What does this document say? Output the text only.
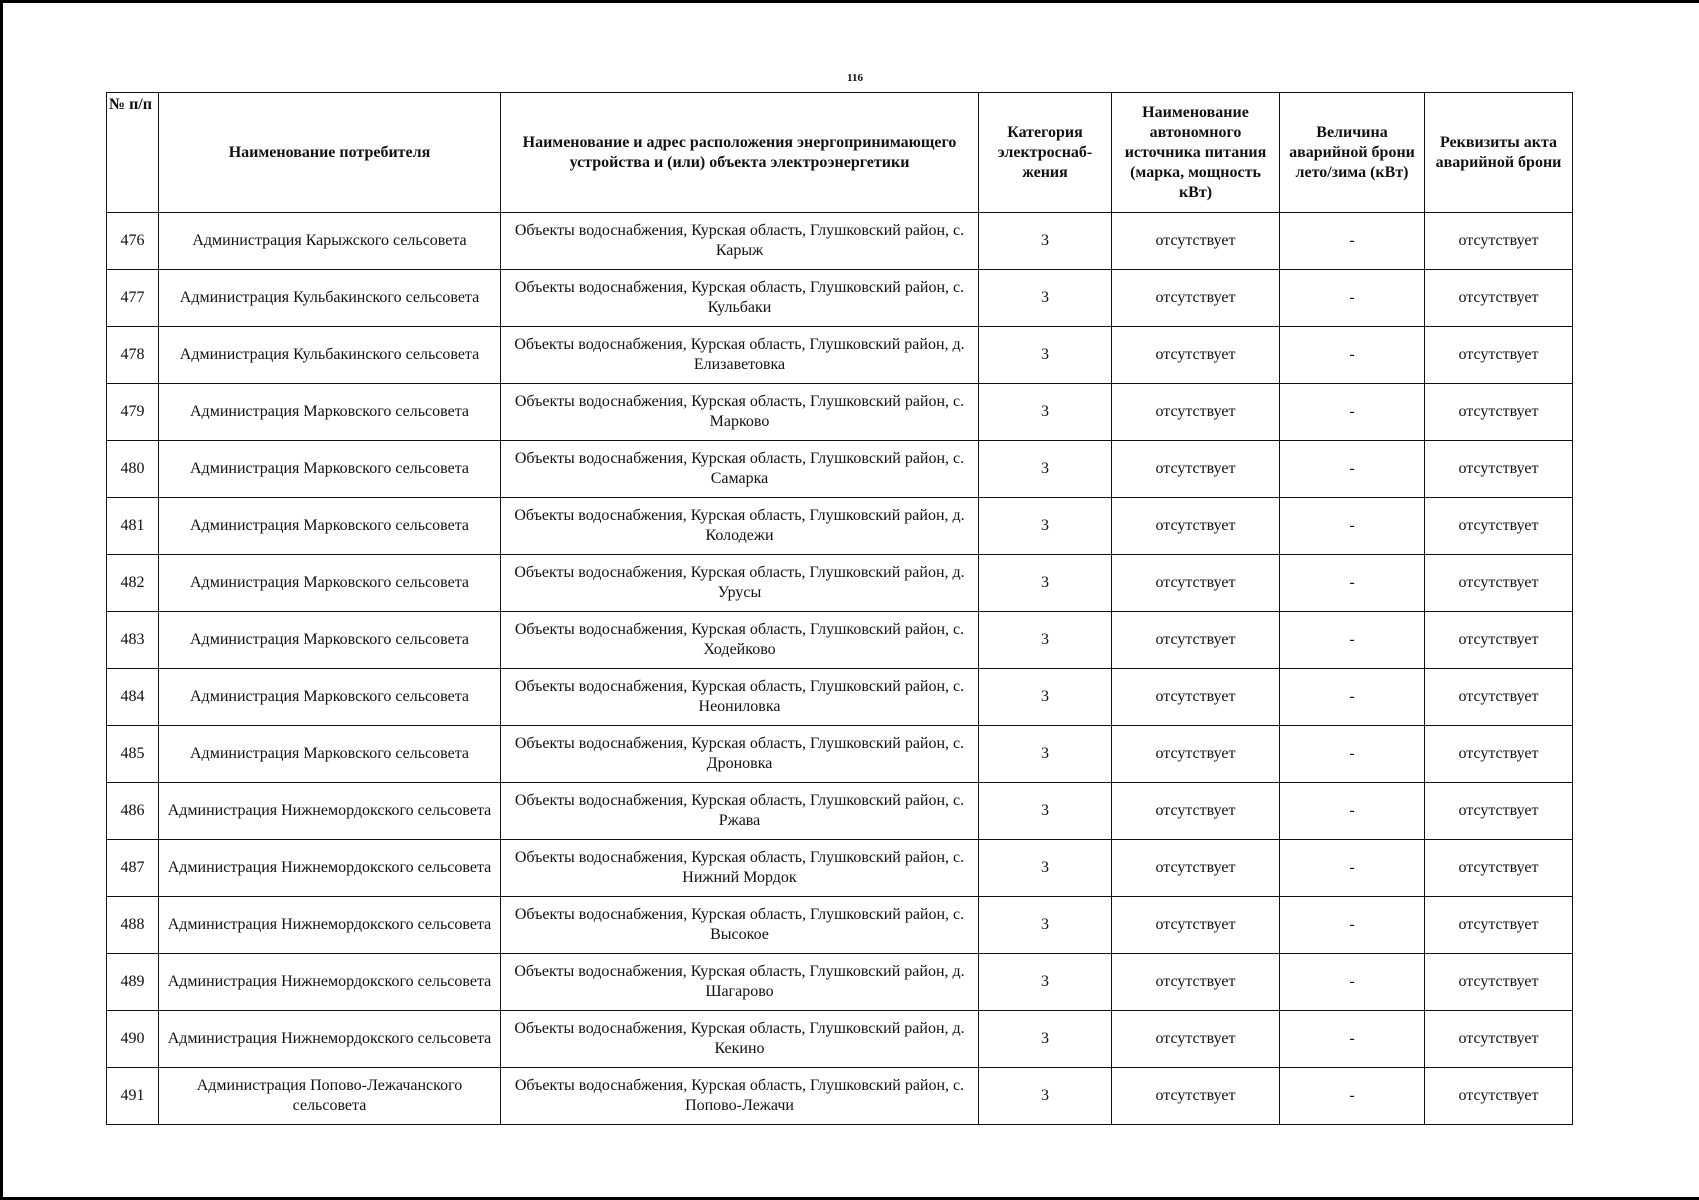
116
№ п/п	Наименование потребителя	Наименование и адрес расположения энергопринимающего устройства и (или) объекта электроэнергетики	Категория электроснаб-жения	Наименование автономного источника питания (марка, мощность кВт)	Величина аварийной брони лето/зима (кВт)	Реквизиты акта аварийной брони
476	Администрация Карыжского сельсовета	Объекты водоснабжения, Курская область, Глушковский район, с. Карыж	3	отсутствует	-	отсутствует
477	Администрация Кульбакинского сельсовета	Объекты водоснабжения, Курская область, Глушковский район, с. Кульбаки	3	отсутствует	-	отсутствует
478	Администрация Кульбакинского сельсовета	Объекты водоснабжения, Курская область, Глушковский район, д. Елизаветовка	3	отсутствует	-	отсутствует
479	Администрация Марковского сельсовета	Объекты водоснабжения, Курская область, Глушковский район, с. Марково	3	отсутствует	-	отсутствует
480	Администрация Марковского сельсовета	Объекты водоснабжения, Курская область, Глушковский район, с. Самарка	3	отсутствует	-	отсутствует
481	Администрация Марковского сельсовета	Объекты водоснабжения, Курская область, Глушковский район, д. Колодежи	3	отсутствует	-	отсутствует
482	Администрация Марковского сельсовета	Объекты водоснабжения, Курская область, Глушковский район, д. Урусы	3	отсутствует	-	отсутствует
483	Администрация Марковского сельсовета	Объекты водоснабжения, Курская область, Глушковский район, с. Ходейково	3	отсутствует	-	отсутствует
484	Администрация Марковского сельсовета	Объекты водоснабжения, Курская область, Глушковский район, с. Неониловка	3	отсутствует	-	отсутствует
485	Администрация Марковского сельсовета	Объекты водоснабжения, Курская область, Глушковский район, с. Дроновка	3	отсутствует	-	отсутствует
486	Администрация Нижнемордокского сельсовета	Объекты водоснабжения, Курская область, Глушковский район, с. Ржава	3	отсутствует	-	отсутствует
487	Администрация Нижнемордокского сельсовета	Объекты водоснабжения, Курская область, Глушковский район, с. Нижний Мордок	3	отсутствует	-	отсутствует
488	Администрация Нижнемордокского сельсовета	Объекты водоснабжения, Курская область, Глушковский район, с. Высокое	3	отсутствует	-	отсутствует
489	Администрация Нижнемордокского сельсовета	Объекты водоснабжения, Курская область, Глушковский район, д. Шагарово	3	отсутствует	-	отсутствует
490	Администрация Нижнемордокского сельсовета	Объекты водоснабжения, Курская область, Глушковский район, д. Кекино	3	отсутствует	-	отсутствует
491	Администрация Попово-Лежачанского сельсовета	Объекты водоснабжения, Курская область, Глушковский район, с. Попово-Лежачи	3	отсутствует	-	отсутствует
